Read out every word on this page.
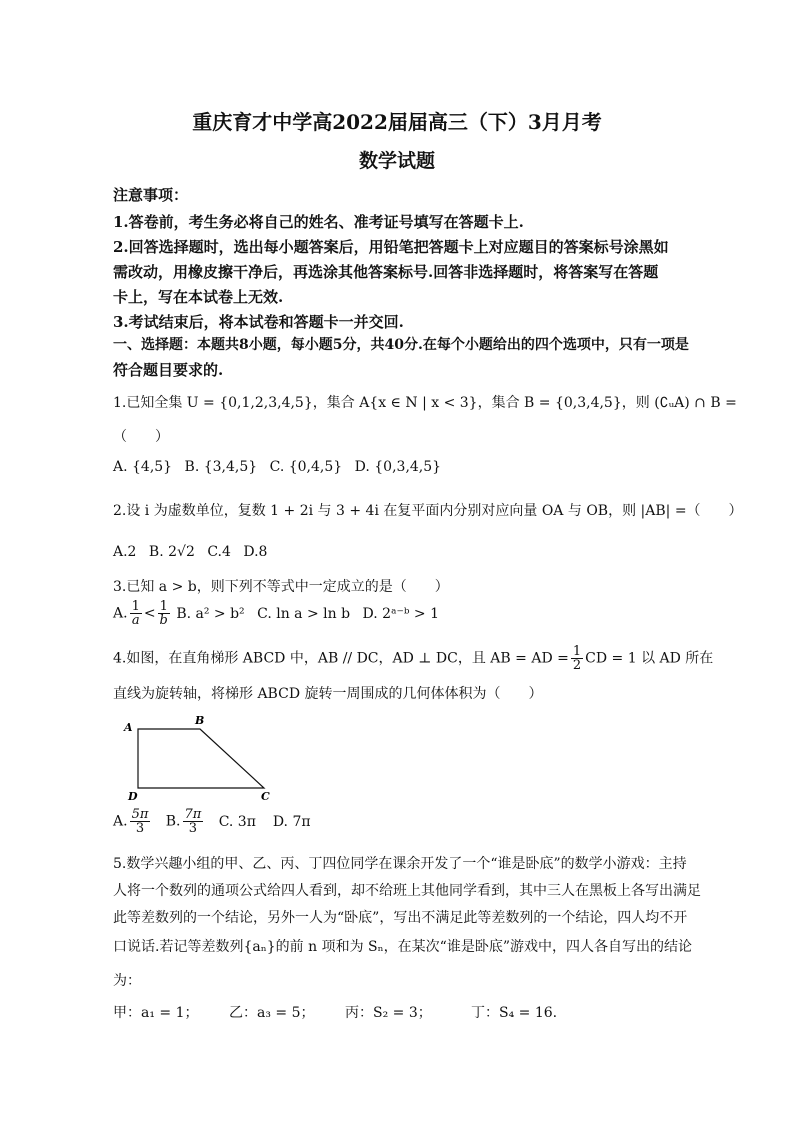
重庆育才中学高2022届届高三（下）3月月考
数学试题
注意事项：
1.答卷前，考生务必将自己的姓名、准考证号填写在答题卡上.
2.回答选择题时，选出每小题答案后，用铅笔把答题卡上对应题目的答案标号涂黑如
需改动，用橡皮擦干净后，再选涂其他答案标号.回答非选择题时，将答案写在答题
卡上，写在本试卷上无效.
3.考试结束后，将本试卷和答题卡一并交回.
一、选择题：本题共8小题，每小题5分，共40分.在每个小题给出的四个选项中，只有一项是
符合题目要求的.
1.已知全集 U = {0,1,2,3,4,5}，集合 A{x ∈ N | x < 3}，集合 B = {0,3,4,5}，则 (∁ᵤA) ∩ B =
（　　）
A. {4,5} B. {3,4,5} C. {0,4,5} D. {0,3,4,5}
2.设 i 为虚数单位，复数 1 + 2i 与 3 + 4i 在复平面内分别对应向量 OA 与 OB，则 |AB| =（　　）
A.2 B. 2√2 C.4 D.8
3.已知 a > b，则下列不等式中一定成立的是（　　）
A. $\frac{1}{a} < \frac{1}{b} B$. a² > b² C. ln a > ln b D. 2ᵃ⁻ᵇ > 1
4.如图，在直角梯形 ABCD 中，AB // DC，AD ⊥ DC，且 AB = AD = $\frac{1}{2}$ CD = 1 以 AD 所在
直线为旋转轴，将梯形 ABCD 旋转一周围成的几何体体积为（　　）
A
B
C
D
A. $\frac{5\pi}{3} B$. $\frac{7\pi}{3} C$. 3π D. 7π
5.数学兴趣小组的甲、乙、丙、丁四位同学在课余开发了一个“谁是卧底”的数学小游戏：主持
人将一个数列的通项公式给四人看到，却不给班上其他同学看到，其中三人在黑板上各写出满足
此等差数列的一个结论，另外一人为“卧底”，写出不满足此等差数列的一个结论，四人均不开
口说话.若记等差数列{aₙ}的前 n 项和为 Sₙ，在某次“谁是卧底”游戏中，四人各自写出的结论
为：
甲：a₁ = 1； 乙：a₃ = 5； 丙：S₂ = 3；	丁：S₄ = 16.
